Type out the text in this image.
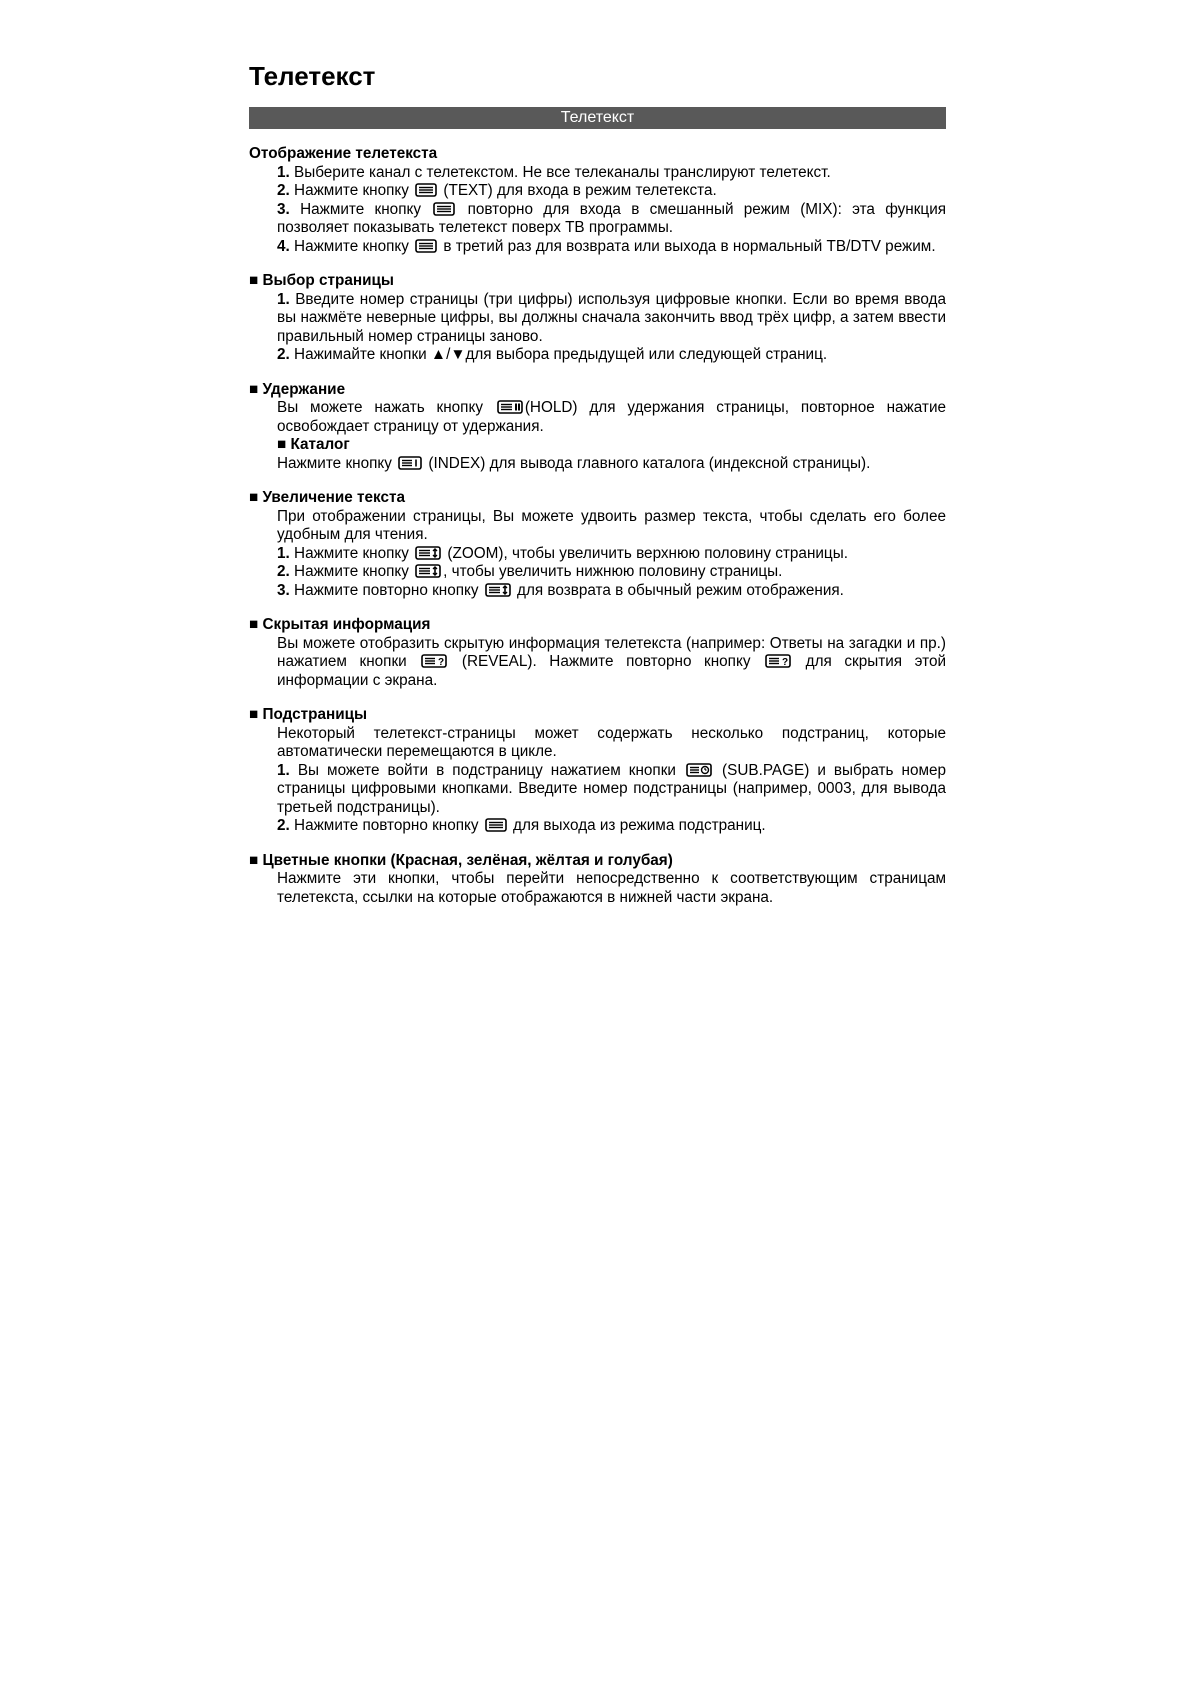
Телетекст
Телетекст
Отображение телетекста

1. Выберите канал с телетекстом. Не все телеканалы транслируют телетекст.

2. Нажмите кнопку (TEXT) для входа в режим телетекста.

3. Нажмите кнопку	повторно для входа в смешанный режим (MIX): эта функция позволяет показывать телетекст поверх ТВ программы.

4. Нажмите кнопку в третий раз для возврата или выхода в нормальный ТВ/DTV режим.

■ Выбор страницы

1. Введите номер страницы (три цифры) используя цифровые кнопки. Если во время ввода вы нажмёте неверные цифры, вы должны сначала закончить ввод трёх цифр, а затем ввести правильный номер страницы заново.

2. Нажимайте кнопки ▲/▼для выбора предыдущей или следующей страниц.

■ Удержание

Вы можете нажать кнопку	(HOLD) для удержания страницы, повторное нажатие освобождает страницу от удержания.

■ Каталог

Нажмите кнопку (INDEX) для вывода главного каталога (индексной страницы).

■ Увеличение текста

При отображении страницы, Вы можете удвоить размер текста, чтобы сделать его более удобным для чтения.

1. Нажмите кнопку	(ZOOM), чтобы увеличить верхнюю половину страницы.

2. Нажмите кнопку , чтобы увеличить нижнюю половину страницы.

3. Нажмите повторно кнопку	для возврата в обычный режим отображения.

■ Скрытая информация

Вы можете отобразить скрытую информация телетекста (например: Ответы на загадки и пр.) нажатием кнопки	? (REVEAL). Нажмите повторно кнопку	? для скрытия этой информации с экрана.

■ Подстраницы

Некоторый телетекст-страницы может содержать несколько подстраниц, которые автоматически перемещаются в цикле.

1. Вы можете войти в подстраницу нажатием кнопки	(SUB.PAGE) и выбрать номер страницы цифровыми кнопками. Введите номер подстраницы (например, 0003, для вывода третьей подстраницы).

2. Нажмите повторно кнопку для выхода из режима подстраниц.

■ Цветные кнопки (Красная, зелёная, жёлтая и голубая)

Нажмите эти кнопки, чтобы перейти непосредственно к соответствующим страницам телетекста, ссылки на которые отображаются в нижней части экрана.
